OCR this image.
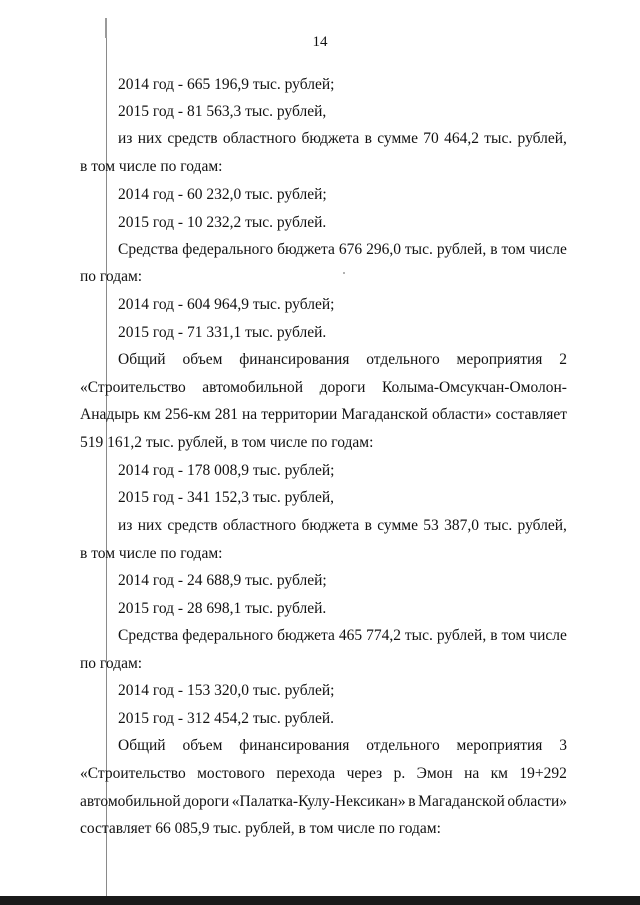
14
2014 год - 665 196,9 тыс. рублей;
2015 год - 81 563,3 тыс. рублей,
из них средств областного бюджета в сумме 70 464,2 тыс. рублей,
в том числе по годам:
2014 год - 60 232,0 тыс. рублей;
2015 год - 10 232,2 тыс. рублей.
Средства федерального бюджета 676 296,0 тыс. рублей, в том числе
по годам:
2014 год - 604 964,9 тыс. рублей;
2015 год - 71 331,1 тыс. рублей.
Общий объем финансирования отдельного мероприятия 2
«Строительство автомобильной дороги Колыма-Омсукчан-Омолон-
Анадырь км 256-км 281 на территории Магаданской области» составляет
519 161,2 тыс. рублей, в том числе по годам:
2014 год - 178 008,9 тыс. рублей;
2015 год - 341 152,3 тыс. рублей,
из них средств областного бюджета в сумме 53 387,0 тыс. рублей,
в том числе по годам:
2014 год - 24 688,9 тыс. рублей;
2015 год - 28 698,1 тыс. рублей.
Средства федерального бюджета 465 774,2 тыс. рублей, в том числе
по годам:
2014 год - 153 320,0 тыс. рублей;
2015 год - 312 454,2 тыс. рублей.
Общий объем финансирования отдельного мероприятия 3
«Строительство мостового перехода через р. Эмон на км 19+292
автомобильной дороги «Палатка-Кулу-Нексикан» в Магаданской области»
составляет 66 085,9 тыс. рублей, в том числе по годам:
